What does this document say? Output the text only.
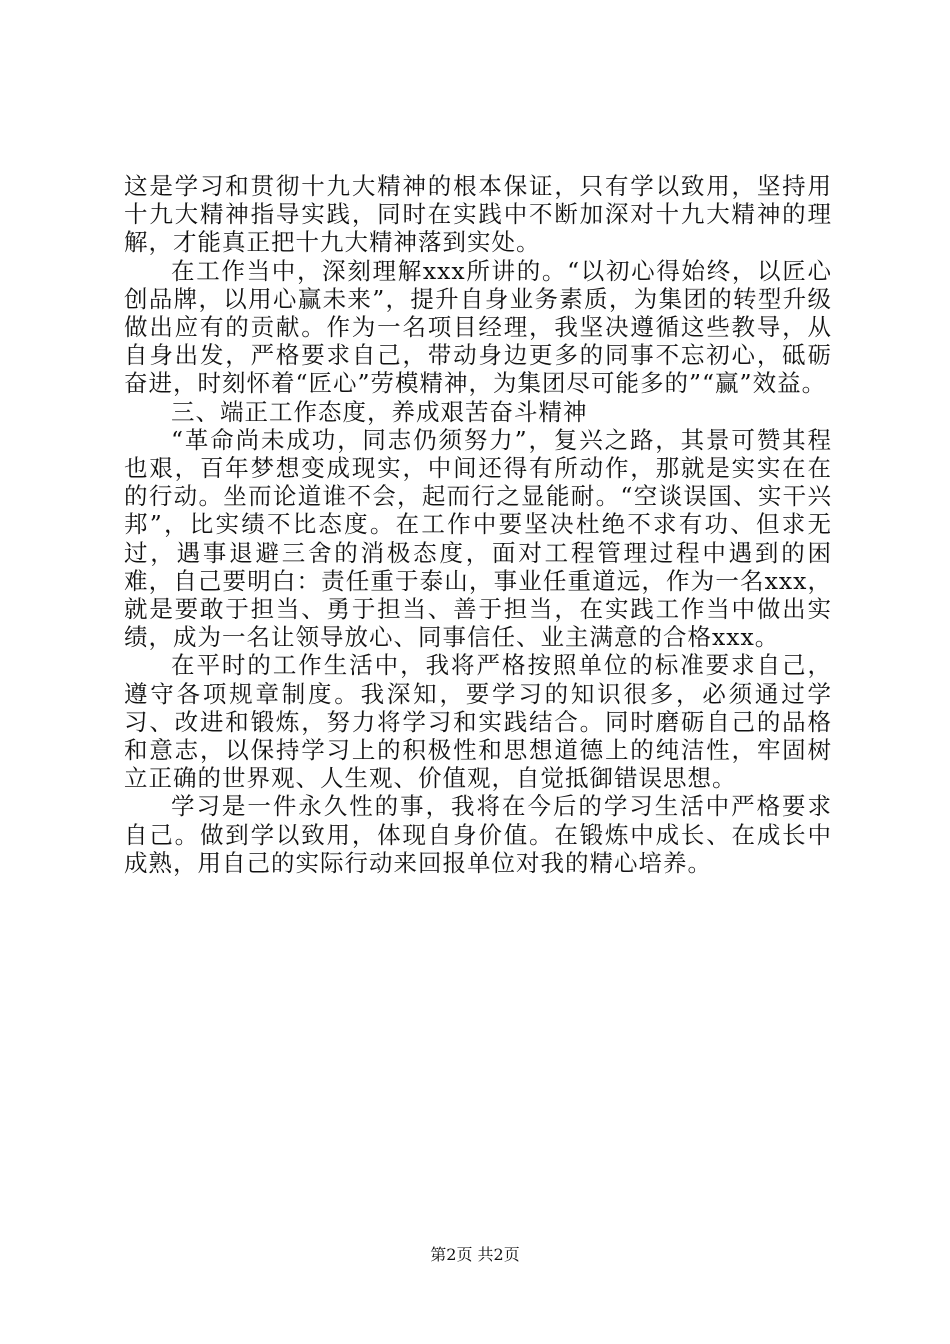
这是学习和贯彻十九大精神的根本保证，只有学以致用，坚持用十九大精神指导实践，同时在实践中不断加深对十九大精神的理解，才能真正把十九大精神落到实处。

在工作当中，深刻理解xxx所讲的。“以初心得始终，以匠心创品牌，以用心赢未来”，提升自身业务素质，为集团的转型升级做出应有的贡献。作为一名项目经理，我坚决遵循这些教导，从自身出发，严格要求自己，带动身边更多的同事不忘初心，砥砺奋进，时刻怀着“匠心”劳模精神，为集团尽可能多的”“赢”效益。

三、端正工作态度，养成艰苦奋斗精神

“革命尚未成功，同志仍须努力”，复兴之路，其景可赞其程也艰，百年梦想变成现实，中间还得有所动作，那就是实实在在的行动。坐而论道谁不会，起而行之显能耐。“空谈误国、实干兴邦”，比实绩不比态度。在工作中要坚决杜绝不求有功、但求无过，遇事退避三舍的消极态度，面对工程管理过程中遇到的困难，自己要明白：责任重于泰山，事业任重道远，作为一名xxx，就是要敢于担当、勇于担当、善于担当，在实践工作当中做出实绩，成为一名让领导放心、同事信任、业主满意的合格xxx。

在平时的工作生活中，我将严格按照单位的标准要求自己，遵守各项规章制度。我深知，要学习的知识很多，必须通过学习、改进和锻炼，努力将学习和实践结合。同时磨砺自己的品格和意志，以保持学习上的积极性和思想道德上的纯洁性，牢固树立正确的世界观、人生观、价值观，自觉抵御错误思想。

学习是一件永久性的事，我将在今后的学习生活中严格要求自己。做到学以致用，体现自身价值。在锻炼中成长、在成长中成熟，用自己的实际行动来回报单位对我的精心培养。

第2页 共2页
